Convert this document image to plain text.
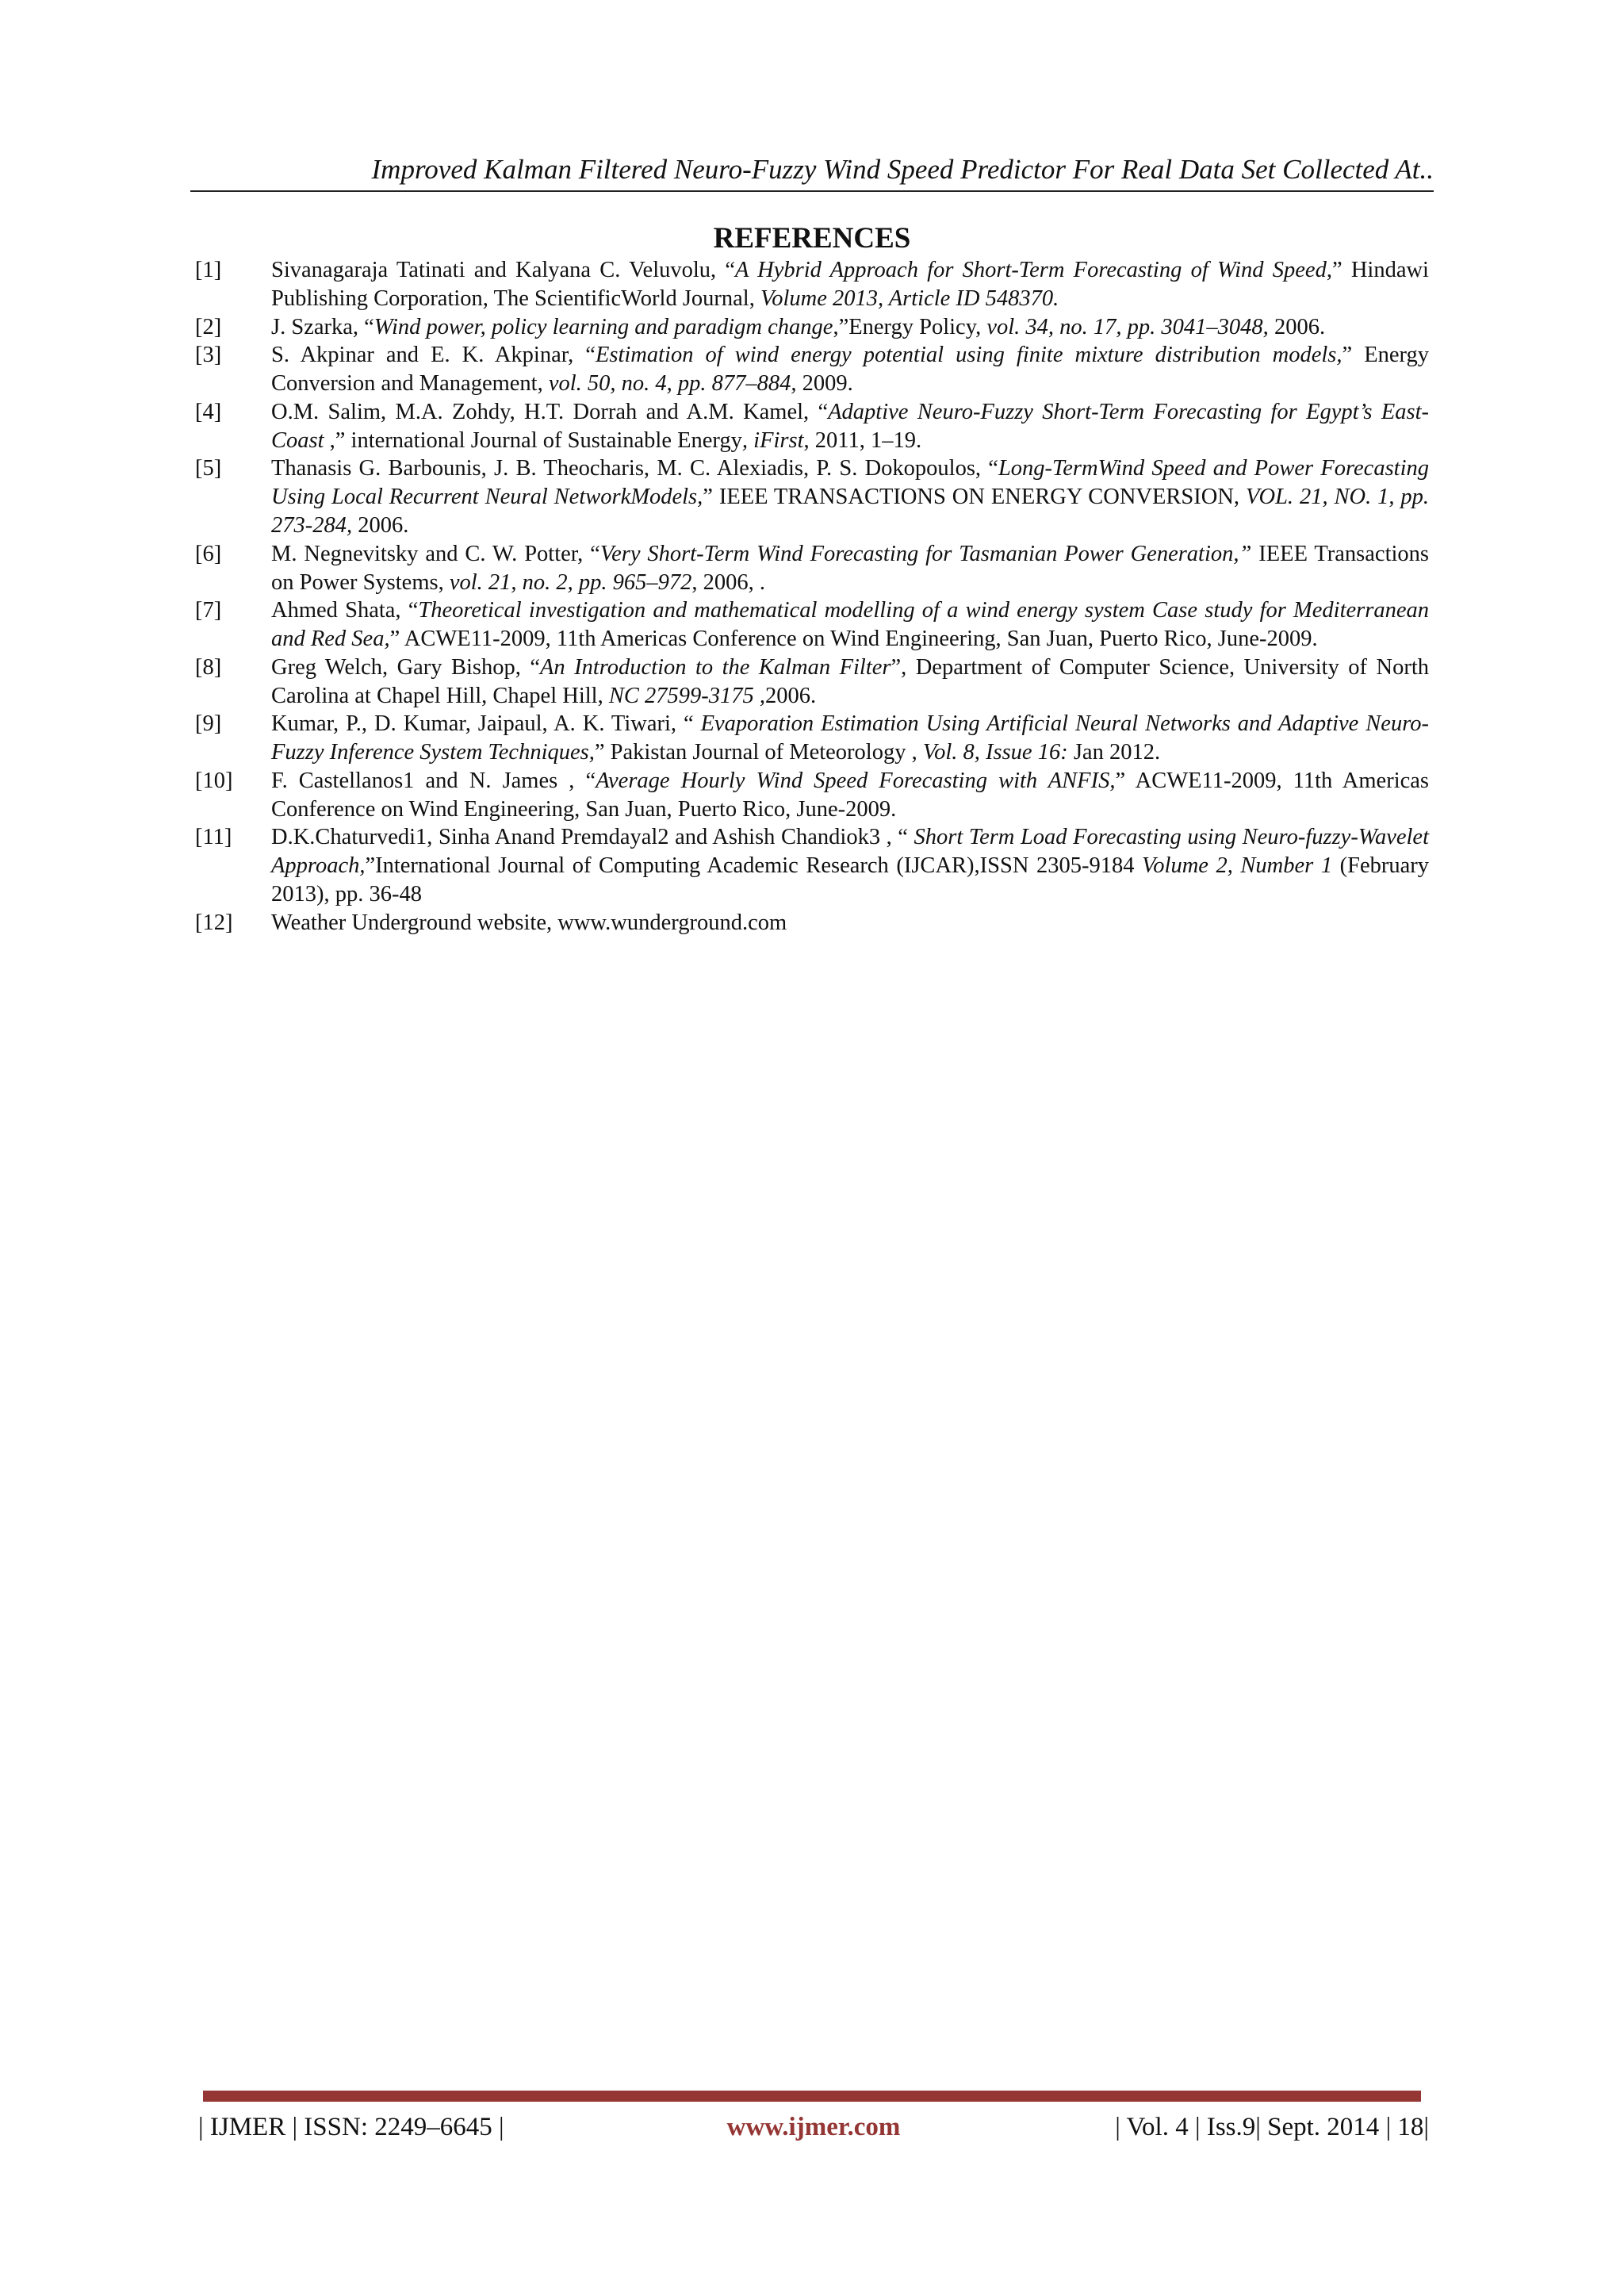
Improved Kalman Filtered Neuro-Fuzzy Wind Speed Predictor For Real Data Set Collected At..
REFERENCES
[1] Sivanagaraja Tatinati and Kalyana C. Veluvolu, “A Hybrid Approach for Short-Term Forecasting of Wind Speed,” Hindawi Publishing Corporation, The ScientificWorld Journal, Volume 2013, Article ID 548370.
[2] J. Szarka, “Wind power, policy learning and paradigm change,”Energy Policy, vol. 34, no. 17, pp. 3041–3048, 2006.
[3] S. Akpinar and E. K. Akpinar, “Estimation of wind energy potential using finite mixture distribution models,” Energy Conversion and Management, vol. 50, no. 4, pp. 877–884, 2009.
[4] O.M. Salim, M.A. Zohdy, H.T. Dorrah and A.M. Kamel, “Adaptive Neuro-Fuzzy Short-Term Forecasting for Egypt’s East-Coast ,” international Journal of Sustainable Energy, iFirst, 2011, 1–19.
[5] Thanasis G. Barbounis, J. B. Theocharis, M. C. Alexiadis, P. S. Dokopoulos, “Long-TermWind Speed and Power Forecasting Using Local Recurrent Neural NetworkModels,” IEEE TRANSACTIONS ON ENERGY CONVERSION, VOL. 21, NO. 1, pp. 273-284, 2006.
[6] M. Negnevitsky and C. W. Potter, “Very Short-Term Wind Forecasting for Tasmanian Power Generation,” IEEE Transactions on Power Systems, vol. 21, no. 2, pp. 965–972, 2006, .
[7] Ahmed Shata, “Theoretical investigation and mathematical modelling of a wind energy system Case study for Mediterranean and Red Sea,” ACWE11-2009, 11th Americas Conference on Wind Engineering, San Juan, Puerto Rico, June-2009.
[8] Greg Welch, Gary Bishop, “An Introduction to the Kalman Filter”, Department of Computer Science, University of North Carolina at Chapel Hill, Chapel Hill, NC 27599-3175 ,2006.
[9] Kumar, P., D. Kumar, Jaipaul, A. K. Tiwari, “ Evaporation Estimation Using Artificial Neural Networks and Adaptive Neuro-Fuzzy Inference System Techniques,” Pakistan Journal of Meteorology , Vol. 8, Issue 16: Jan 2012.
[10] F. Castellanos1 and N. James , “Average Hourly Wind Speed Forecasting with ANFIS,” ACWE11-2009, 11th Americas Conference on Wind Engineering, San Juan, Puerto Rico, June-2009.
[11] D.K.Chaturvedi1, Sinha Anand Premdayal2 and Ashish Chandiok3 , “ Short Term Load Forecasting using Neuro-fuzzy-Wavelet Approach,”International Journal of Computing Academic Research (IJCAR),ISSN 2305-9184 Volume 2, Number 1 (February 2013), pp. 36-48
[12] Weather Underground website, www.wunderground.com
| IJMER | ISSN: 2249–6645 |	www.ijmer.com	| Vol. 4 | Iss.9| Sept. 2014 | 18|
